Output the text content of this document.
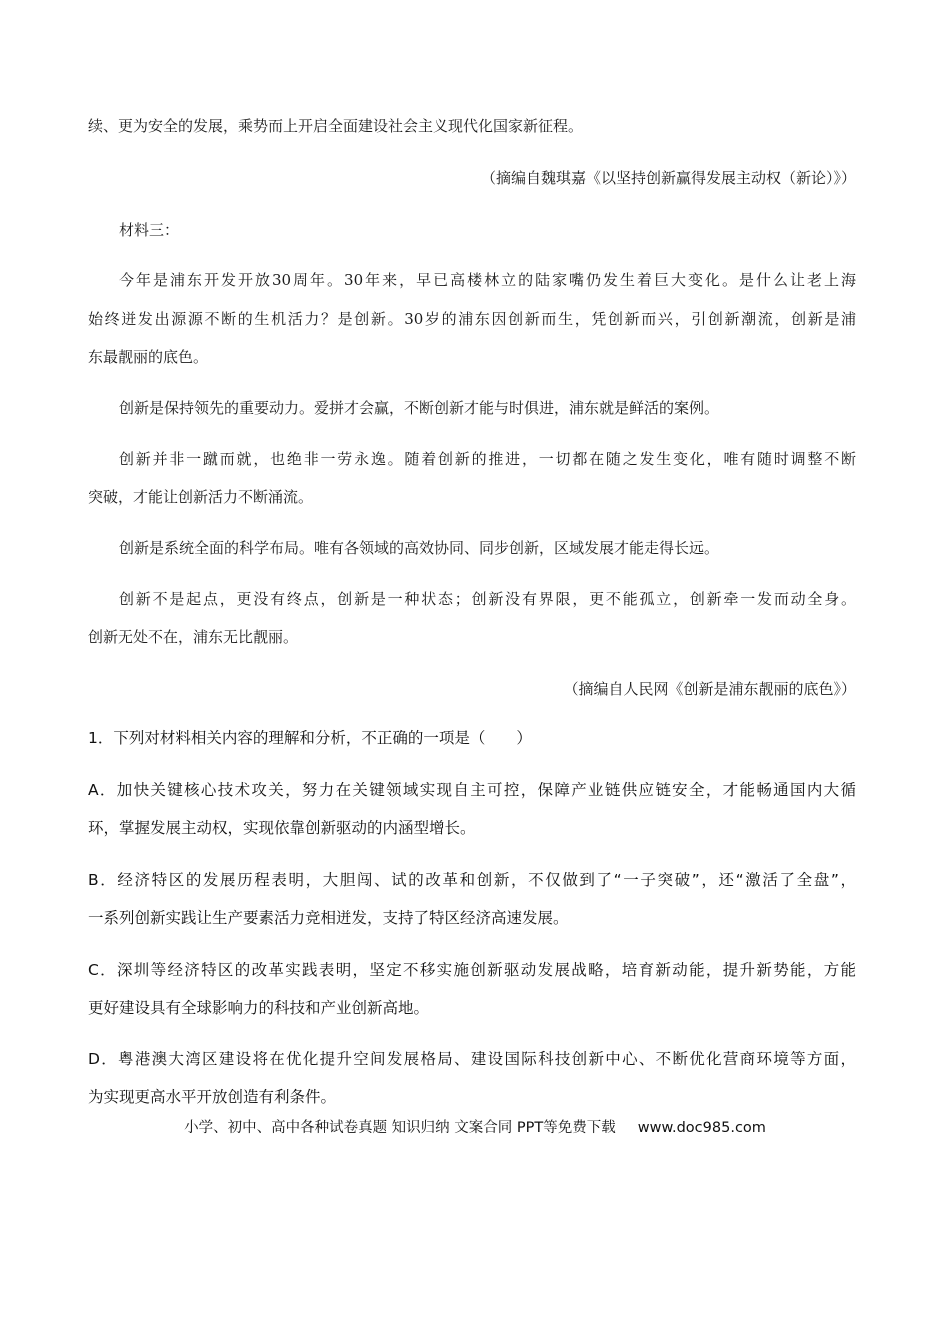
续、更为安全的发展，乘势而上开启全面建设社会主义现代化国家新征程。
（摘编自魏琪嘉《以坚持创新赢得发展主动权（新论）》）
材料三：
今年是浦东开发开放30周年。30年来，早已高楼林立的陆家嘴仍发生着巨大变化。是什么让老上海
始终迸发出源源不断的生机活力？是创新。30岁的浦东因创新而生，凭创新而兴，引创新潮流，创新是浦
东最靓丽的底色。
创新是保持领先的重要动力。爱拼才会赢，不断创新才能与时俱进，浦东就是鲜活的案例。
创新并非一蹴而就，也绝非一劳永逸。随着创新的推进，一切都在随之发生变化，唯有随时调整不断
突破，才能让创新活力不断涌流。
创新是系统全面的科学布局。唯有各领域的高效协同、同步创新，区域发展才能走得长远。
创新不是起点，更没有终点，创新是一种状态；创新没有界限，更不能孤立，创新牵一发而动全身。
创新无处不在，浦东无比靓丽。
（摘编自人民网《创新是浦东靓丽的底色》）
1．下列对材料相关内容的理解和分析，不正确的一项是（　　）
A．加快关键核心技术攻关，努力在关键领域实现自主可控，保障产业链供应链安全，才能畅通国内大循
环，掌握发展主动权，实现依靠创新驱动的内涵型增长。
B．经济特区的发展历程表明，大胆闯、试的改革和创新，不仅做到了“一子突破”，还“激活了全盘”，
一系列创新实践让生产要素活力竞相迸发，支持了特区经济高速发展。
C．深圳等经济特区的改革实践表明，坚定不移实施创新驱动发展战略，培育新动能，提升新势能，方能
更好建设具有全球影响力的科技和产业创新高地。
D．粤港澳大湾区建设将在优化提升空间发展格局、建设国际科技创新中心、不断优化营商环境等方面，
为实现更高水平开放创造有利条件。
小学、初中、高中各种试卷真题 知识归纳 文案合同 PPT等免费下载 www.doc985.com
